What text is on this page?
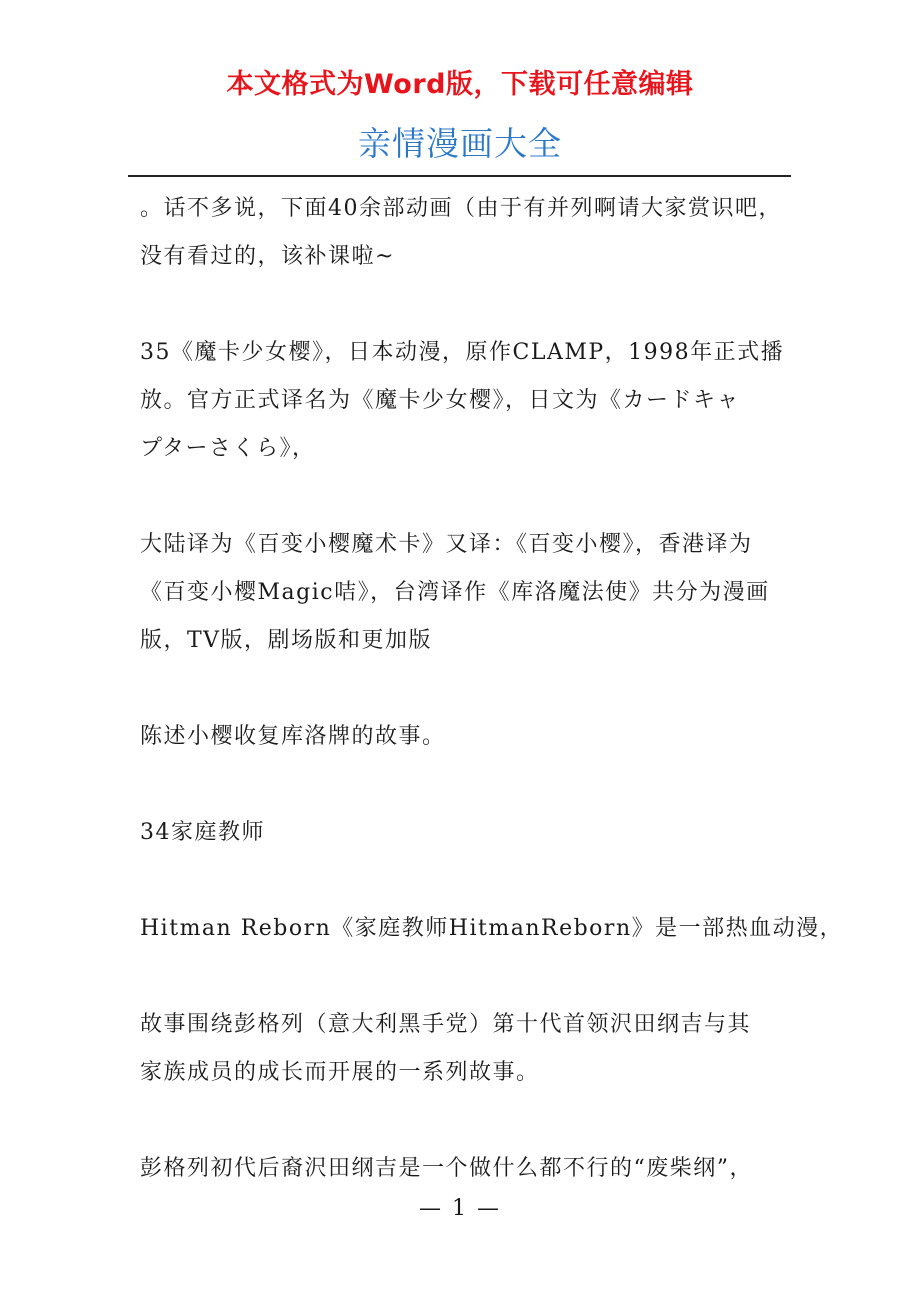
本文格式为Word版，下载可任意编辑
亲情漫画大全

。话不多说，下面40余部动画（由于有并列啊请大家赏识吧，

没有看过的，该补课啦~

35《魔卡少女樱》，日本动漫，原作CLAMP，1998年正式播

放。官方正式译名为《魔卡少女樱》，日文为《カードキャ

プターさくら》，

大陆译为《百变小樱魔术卡》又译：《百变小樱》，香港译为

《百变小樱Magic咭》，台湾译作《库洛魔法使》共分为漫画

版，TV版，剧场版和更加版

陈述小樱收复库洛牌的故事。

34家庭教师

Hitman Reborn《家庭教师HitmanReborn》是一部热血动漫，

故事围绕彭格列（意大利黑手党）第十代首领沢田纲吉与其

家族成员的成长而开展的一系列故事。

彭格列初代后裔沢田纲吉是一个做什么都不行的“废柴纲”，

— 1 —
